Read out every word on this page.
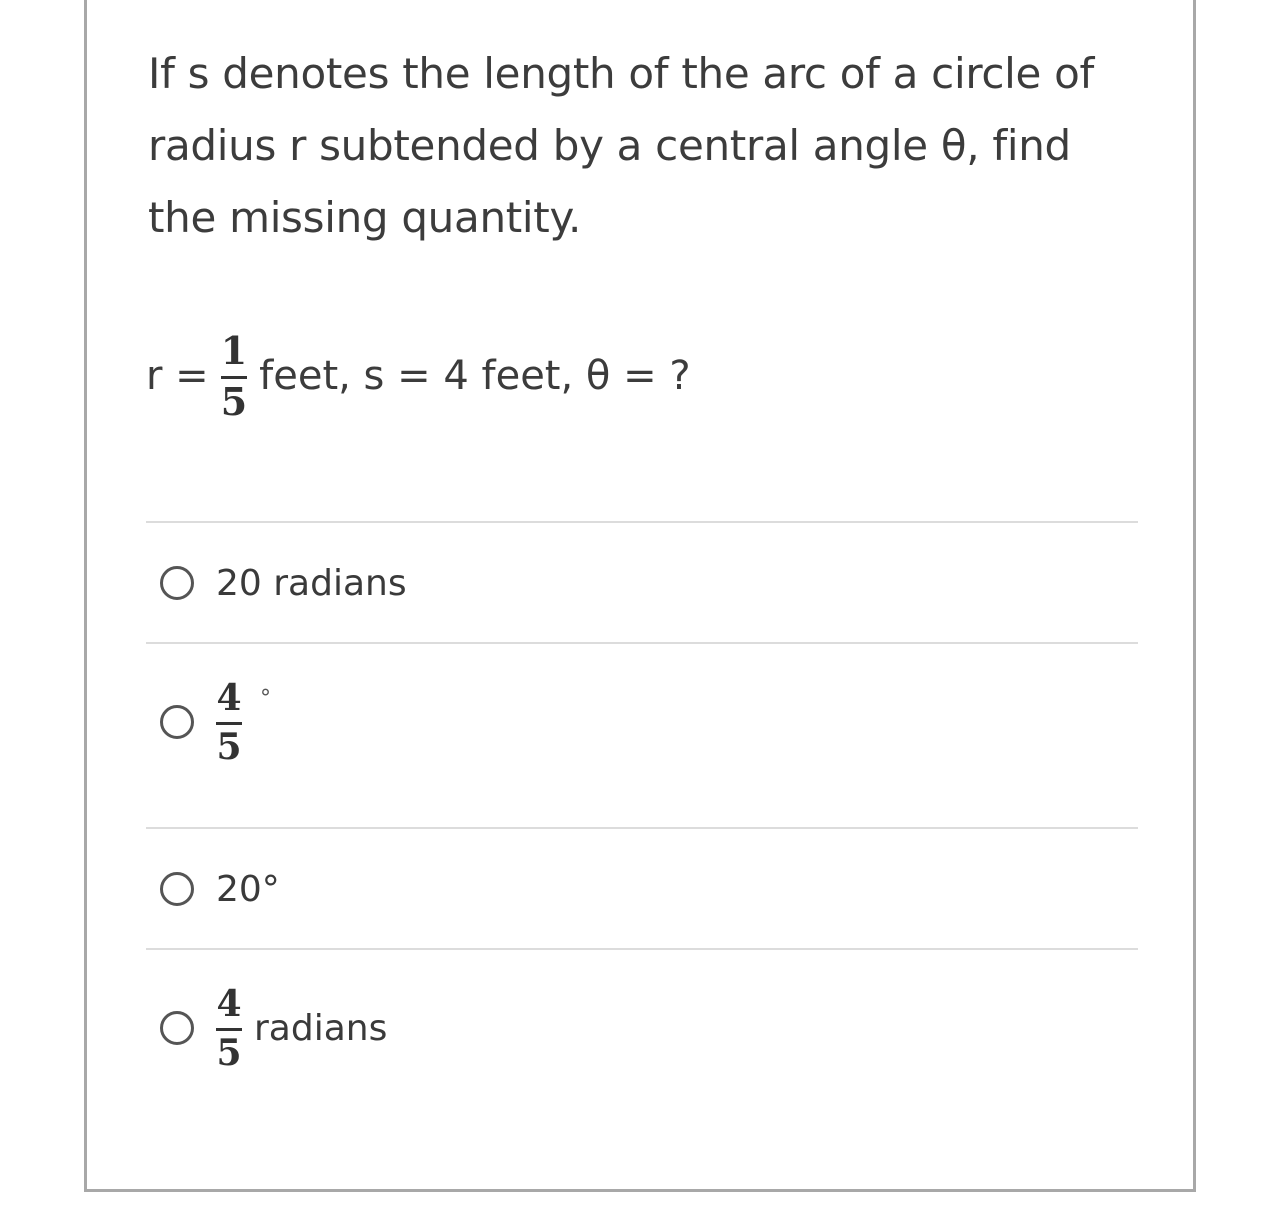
If s denotes the length of the arc of a circle of radius r subtended by a central angle θ, find the missing quantity.
$r = \frac{1}{5}$ feet, s = 4 feet, θ = ?
20 radians
$\frac{4}{5}$ °
20°
$\frac{4}{5}$ radians
